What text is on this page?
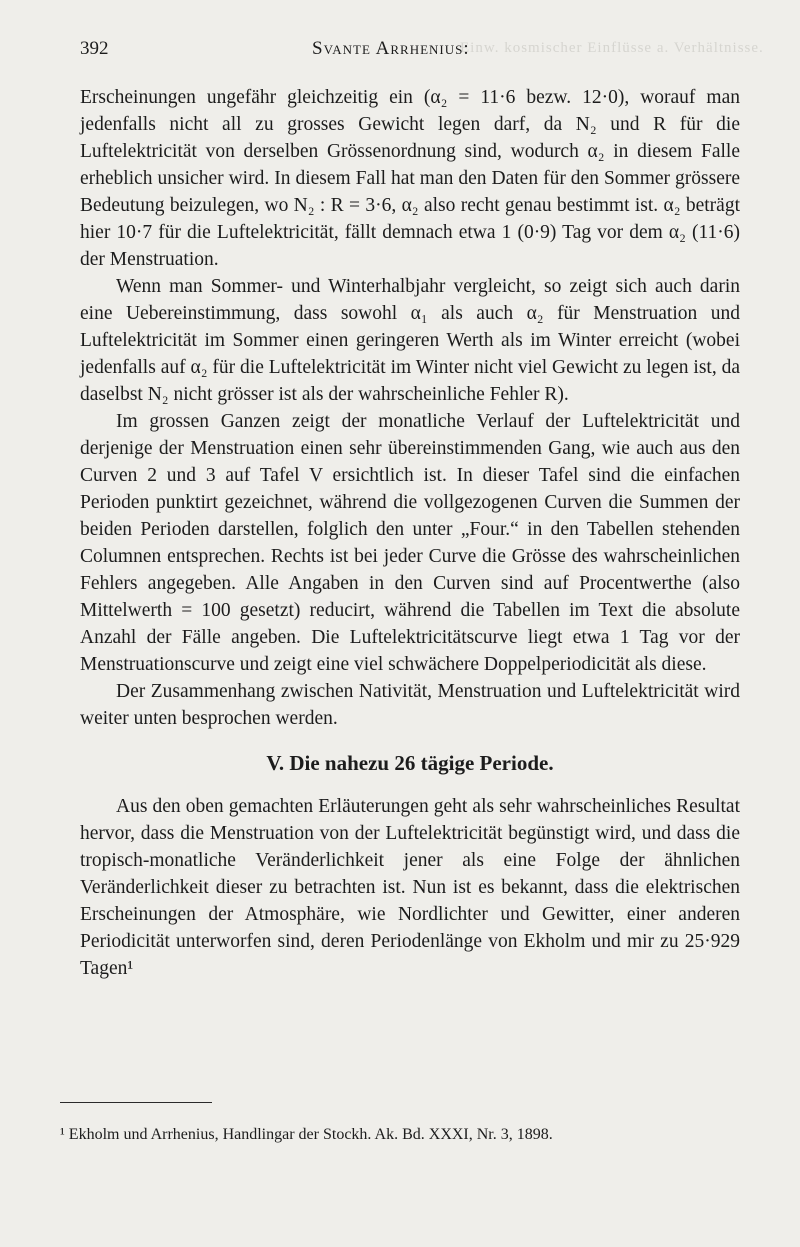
Einw. kosmischer Einflüsse a. Verhältnisse.
392	Svante Arrhenius:

Erscheinungen ungefähr gleichzeitig ein (α₂ = 11·6 bezw. 12·0), worauf man jedenfalls nicht all zu grosses Gewicht legen darf, da N₂ und R für die Luftelektricität von derselben Grössenordnung sind, wodurch α₂ in diesem Falle erheblich unsicher wird. In diesem Fall hat man den Daten für den Sommer grössere Bedeutung beizulegen, wo N₂ : R = 3·6, α₂ also recht genau bestimmt ist. α₂ beträgt hier 10·7 für die Luftelektricität, fällt demnach etwa 1 (0·9) Tag vor dem α₂ (11·6) der Menstruation.

Wenn man Sommer- und Winterhalbjahr vergleicht, so zeigt sich auch darin eine Uebereinstimmung, dass sowohl α₁ als auch α₂ für Menstruation und Luftelektricität im Sommer einen geringeren Werth als im Winter erreicht (wobei jedenfalls auf α₂ für die Luftelektricität im Winter nicht viel Gewicht zu legen ist, da daselbst N₂ nicht grösser ist als der wahrscheinliche Fehler R).

Im grossen Ganzen zeigt der monatliche Verlauf der Luftelektricität und derjenige der Menstruation einen sehr übereinstimmenden Gang, wie auch aus den Curven 2 und 3 auf Tafel V ersichtlich ist. In dieser Tafel sind die einfachen Perioden punktirt gezeichnet, während die vollgezogenen Curven die Summen der beiden Perioden darstellen, folglich den unter „Four.“ in den Tabellen stehenden Columnen entsprechen. Rechts ist bei jeder Curve die Grösse des wahrscheinlichen Fehlers angegeben. Alle Angaben in den Curven sind auf Procentwerthe (also Mittelwerth = 100 gesetzt) reducirt, während die Tabellen im Text die absolute Anzahl der Fälle angeben. Die Luftelektricitätscurve liegt etwa 1 Tag vor der Menstruationscurve und zeigt eine viel schwächere Doppelperiodicität als diese.

Der Zusammenhang zwischen Nativität, Menstruation und Luftelektricität wird weiter unten besprochen werden.

V. Die nahezu 26 tägige Periode.

Aus den oben gemachten Erläuterungen geht als sehr wahrscheinliches Resultat hervor, dass die Menstruation von der Luftelektricität begünstigt wird, und dass die tropisch-monatliche Veränderlichkeit jener als eine Folge der ähnlichen Veränderlichkeit dieser zu betrachten ist. Nun ist es bekannt, dass die elektrischen Erscheinungen der Atmosphäre, wie Nordlichter und Gewitter, einer anderen Periodicität unterworfen sind, deren Periodenlänge von Ekholm und mir zu 25·929 Tagen¹

¹ Ekholm und Arrhenius, Handlingar der Stockh. Ak. Bd. XXXI, Nr. 3, 1898.
